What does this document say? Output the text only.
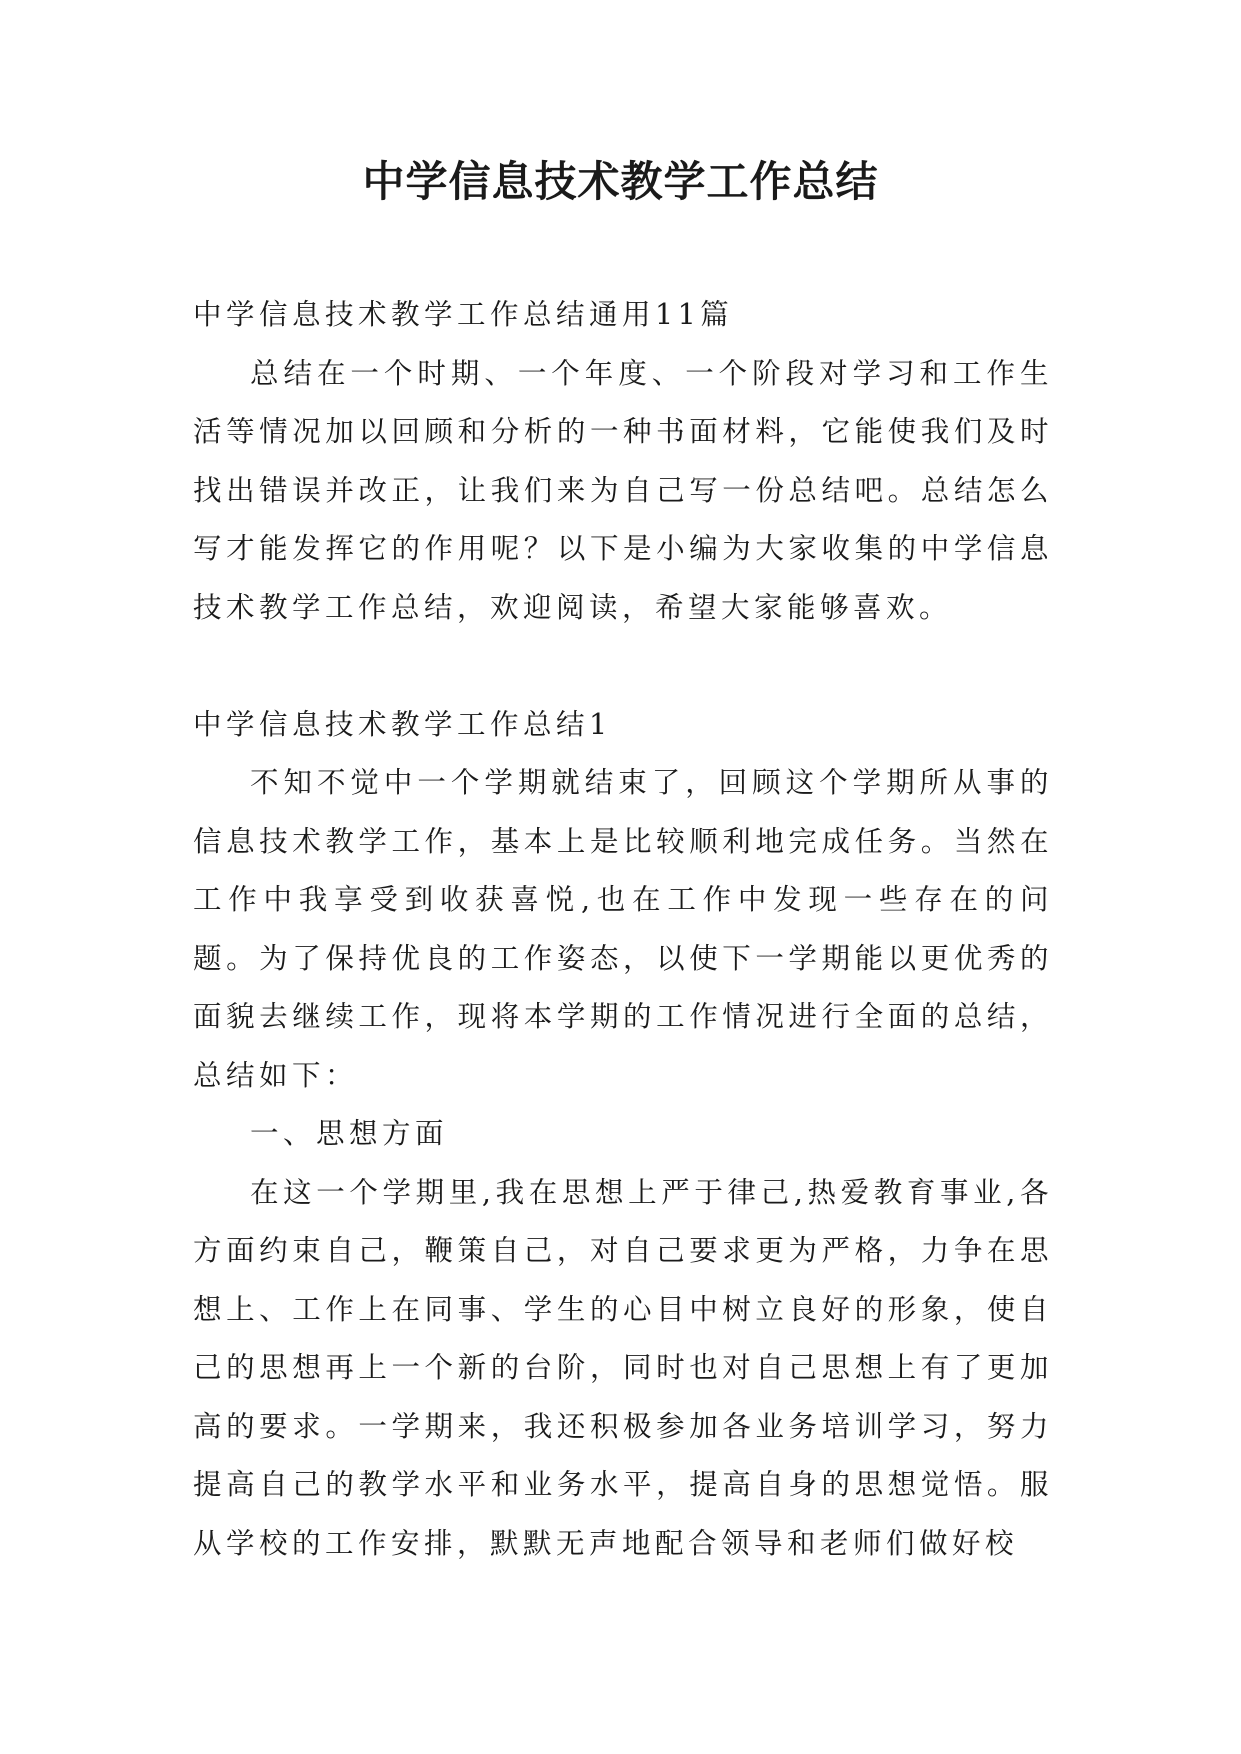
中学信息技术教学工作总结

中学信息技术教学工作总结通用11篇

总结在一个时期、一个年度、一个阶段对学习和工作生活等情况加以回顾和分析的一种书面材料，它能使我们及时找出错误并改正，让我们来为自己写一份总结吧。总结怎么写才能发挥它的作用呢？以下是小编为大家收集的中学信息技术教学工作总结，欢迎阅读，希望大家能够喜欢。

中学信息技术教学工作总结1

不知不觉中一个学期就结束了，回顾这个学期所从事的信息技术教学工作，基本上是比较顺利地完成任务。当然在工作中我享受到收获喜悦,也在工作中发现一些存在的问题。为了保持优良的工作姿态，以使下一学期能以更优秀的面貌去继续工作，现将本学期的工作情况进行全面的总结，总结如下：

一、思想方面

在这一个学期里,我在思想上严于律己,热爱教育事业,各方面约束自己，鞭策自己，对自己要求更为严格，力争在思想上、工作上在同事、学生的心目中树立良好的形象，使自己的思想再上一个新的台阶，同时也对自己思想上有了更加高的要求。一学期来，我还积极参加各业务培训学习，努力提高自己的教学水平和业务水平，提高自身的思想觉悟。服从学校的工作安排，默默无声地配合领导和老师们做好校
